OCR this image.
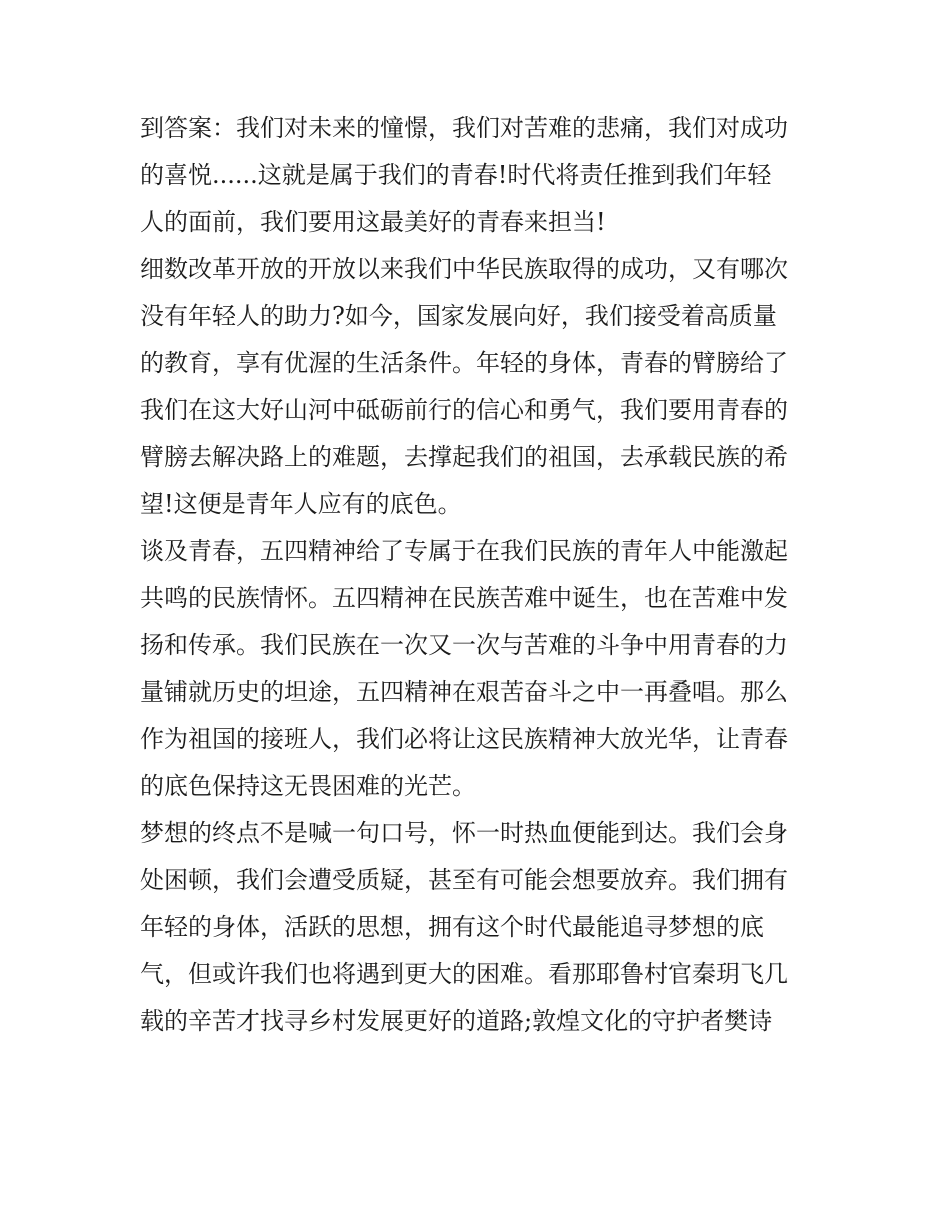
到答案：我们对未来的憧憬，我们对苦难的悲痛，我们对成功
的喜悦......这就是属于我们的青春!时代将责任推到我们年轻
人的面前，我们要用这最美好的青春来担当!
细数改革开放的开放以来我们中华民族取得的成功，又有哪次
没有年轻人的助力?如今，国家发展向好，我们接受着高质量
的教育，享有优渥的生活条件。年轻的身体，青春的臂膀给了
我们在这大好山河中砥砺前行的信心和勇气，我们要用青春的
臂膀去解决路上的难题，去撑起我们的祖国，去承载民族的希
望!这便是青年人应有的底色。
谈及青春，五四精神给了专属于在我们民族的青年人中能激起
共鸣的民族情怀。五四精神在民族苦难中诞生，也在苦难中发
扬和传承。我们民族在一次又一次与苦难的斗争中用青春的力
量铺就历史的坦途，五四精神在艰苦奋斗之中一再叠唱。那么
作为祖国的接班人，我们必将让这民族精神大放光华，让青春
的底色保持这无畏困难的光芒。
梦想的终点不是喊一句口号，怀一时热血便能到达。我们会身
处困顿，我们会遭受质疑，甚至有可能会想要放弃。我们拥有
年轻的身体，活跃的思想，拥有这个时代最能追寻梦想的底
气，但或许我们也将遇到更大的困难。看那耶鲁村官秦玥飞几
载的辛苦才找寻乡村发展更好的道路;敦煌文化的守护者樊诗
